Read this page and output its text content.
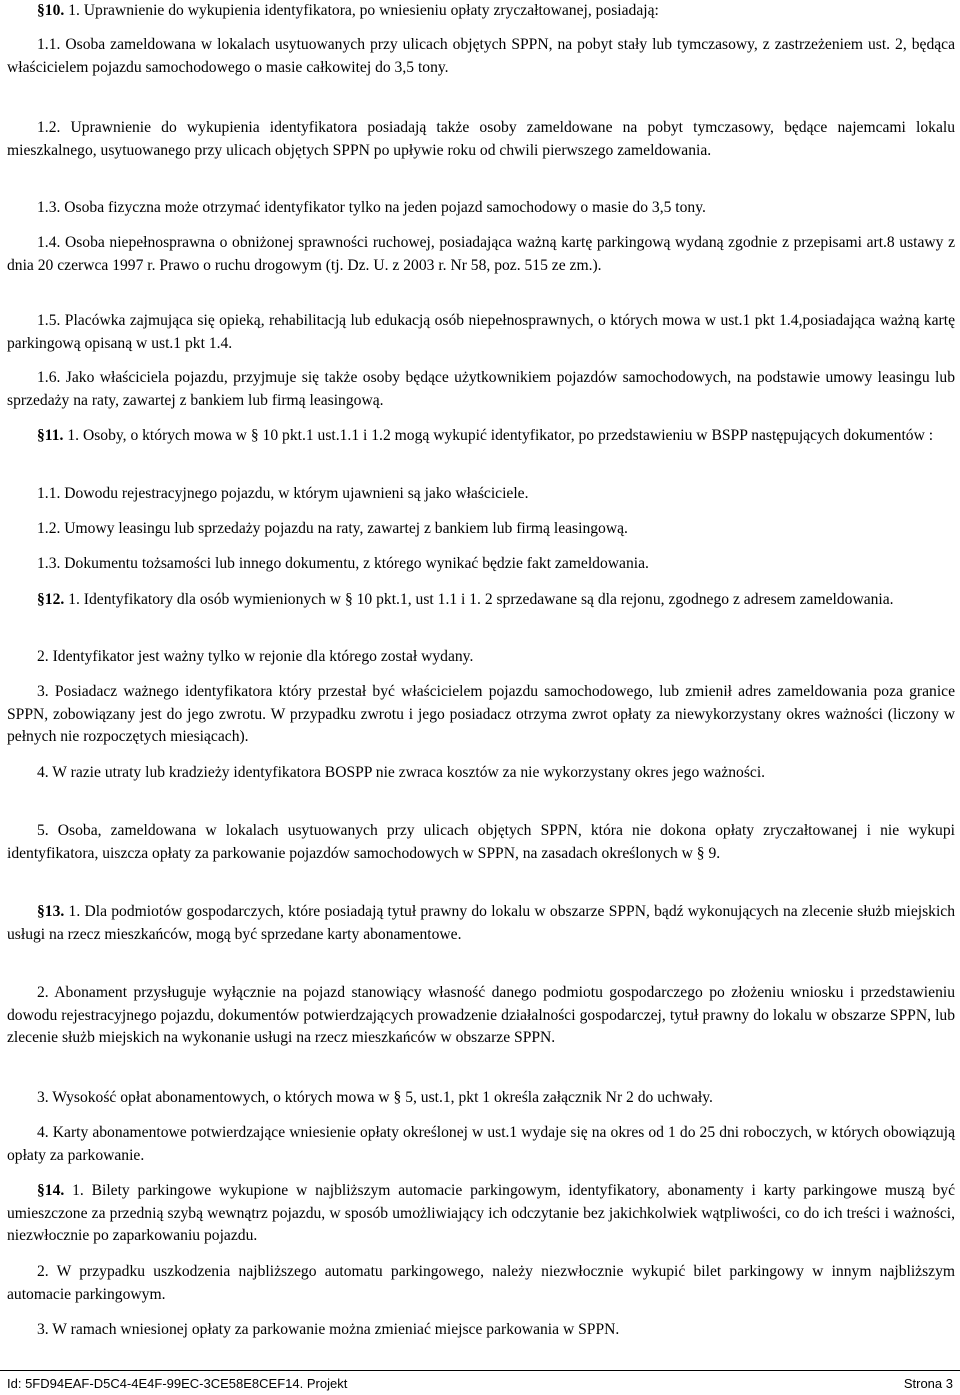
§10. 1. Uprawnienie do wykupienia identyfikatora, po wniesieniu opłaty zryczałtowanej, posiadają:

1.1. Osoba zameldowana w lokalach usytuowanych przy ulicach objętych SPPN, na pobyt stały lub tymczasowy, z zastrzeżeniem ust. 2, będąca właścicielem pojazdu samochodowego o masie całkowitej do 3,5 tony.

1.2. Uprawnienie do wykupienia identyfikatora posiadają także osoby zameldowane na pobyt tymczasowy, będące najemcami lokalu mieszkalnego, usytuowanego przy ulicach objętych SPPN po upływie roku od chwili pierwszego zameldowania.

1.3. Osoba fizyczna może otrzymać identyfikator tylko na jeden pojazd samochodowy o masie do 3,5 tony.

1.4. Osoba niepełnosprawna o obniżonej sprawności ruchowej, posiadająca ważną kartę parkingową wydaną zgodnie z przepisami art.8 ustawy z dnia 20 czerwca 1997 r. Prawo o ruchu drogowym (tj. Dz. U. z 2003 r. Nr 58, poz. 515 ze zm.).

1.5. Placówka zajmująca się opieką, rehabilitacją lub edukacją osób niepełnosprawnych, o których mowa w ust.1 pkt 1.4,posiadająca ważną kartę parkingową opisaną w ust.1 pkt 1.4.

1.6. Jako właściciela pojazdu, przyjmuje się także osoby będące użytkownikiem pojazdów samochodowych, na podstawie umowy leasingu lub sprzedaży na raty, zawartej z bankiem lub firmą leasingową.

§11. 1. Osoby, o których mowa w § 10 pkt.1 ust.1.1 i 1.2 mogą wykupić identyfikator, po przedstawieniu w BSPP następujących dokumentów :

1.1. Dowodu rejestracyjnego pojazdu, w którym ujawnieni są jako właściciele.

1.2. Umowy leasingu lub sprzedaży pojazdu na raty, zawartej z bankiem lub firmą leasingową.

1.3. Dokumentu tożsamości lub innego dokumentu, z którego wynikać będzie fakt zameldowania.

§12. 1. Identyfikatory dla osób wymienionych w § 10 pkt.1, ust 1.1 i 1. 2 sprzedawane są dla rejonu, zgodnego z adresem zameldowania.

2. Identyfikator jest ważny tylko w rejonie dla którego został wydany.

3. Posiadacz ważnego identyfikatora który przestał być właścicielem pojazdu samochodowego, lub zmienił adres zameldowania poza granice SPPN, zobowiązany jest do jego zwrotu. W przypadku zwrotu i jego posiadacz otrzyma zwrot opłaty za niewykorzystany okres ważności (liczony w pełnych nie rozpoczętych miesiącach).

4. W razie utraty lub kradzieży identyfikatora BOSPP nie zwraca kosztów za nie wykorzystany okres jego ważności.

5. Osoba, zameldowana w lokalach usytuowanych przy ulicach objętych SPPN, która nie dokona opłaty zryczałtowanej i nie wykupi identyfikatora, uiszcza opłaty za parkowanie pojazdów samochodowych w SPPN, na zasadach określonych w § 9.

§13. 1. Dla podmiotów gospodarczych, które posiadają tytuł prawny do lokalu w obszarze SPPN, bądź wykonujących na zlecenie służb miejskich usługi na rzecz mieszkańców, mogą być sprzedane karty abonamentowe.

2. Abonament przysługuje wyłącznie na pojazd stanowiący własność danego podmiotu gospodarczego po złożeniu wniosku i przedstawieniu dowodu rejestracyjnego pojazdu, dokumentów potwierdzających prowadzenie działalności gospodarczej, tytuł prawny do lokalu w obszarze SPPN, lub zlecenie służb miejskich na wykonanie usługi na rzecz mieszkańców w obszarze SPPN.

3. Wysokość opłat abonamentowych, o których mowa w § 5, ust.1, pkt 1 określa załącznik Nr 2 do uchwały.

4. Karty abonamentowe potwierdzające wniesienie opłaty określonej w ust.1 wydaje się na okres od 1 do 25 dni roboczych, w których obowiązują opłaty za parkowanie.

§14. 1. Bilety parkingowe wykupione w najbliższym automacie parkingowym, identyfikatory, abonamenty i karty parkingowe muszą być umieszczone za przednią szybą wewnątrz pojazdu, w sposób umożliwiający ich odczytanie bez jakichkolwiek wątpliwości, co do ich treści i ważności, niezwłocznie po zaparkowaniu pojazdu.

2. W przypadku uszkodzenia najbliższego automatu parkingowego, należy niezwłocznie wykupić bilet parkingowy w innym najbliższym automacie parkingowym.

3. W ramach wniesionej opłaty za parkowanie można zmieniać miejsce parkowania w SPPN.

Id: 5FD94EAF-D5C4-4E4F-99EC-3CE58E8CEF14. Projekt	Strona 3
